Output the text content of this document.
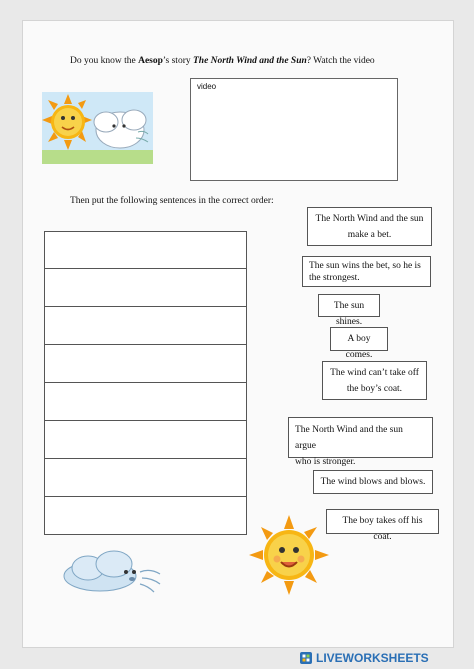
Do you know the Aesop’s story The North Wind and the Sun? Watch the video
video
Then put the following sentences in the correct order:
The North Wind and the sun
make a bet.
The sun wins the bet, so he is
the strongest.
The sun shines.
A boy comes.
The wind can’t take off
the boy’s coat.
The North Wind and the sun argue
who is stronger.
The wind blows and blows.
The boy takes off his coat.
LIVEWORKSHEETS
